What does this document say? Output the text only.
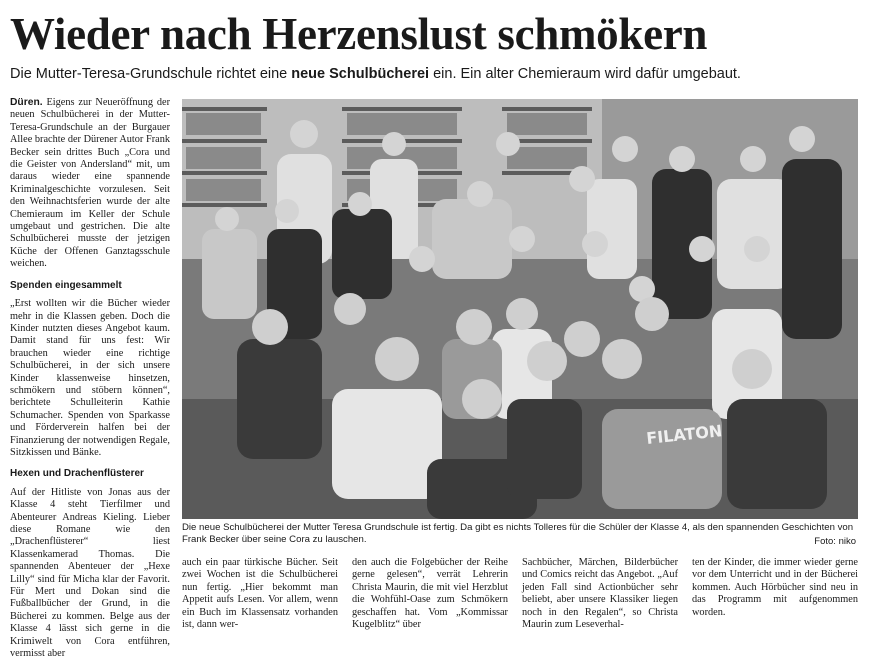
Wieder nach Herzenslust schmökern
Die Mutter-Teresa-Grundschule richtet eine neue Schulbücherei ein. Ein alter Chemieraum wird dafür umgebaut.

Düren. Eigens zur Neueröffnung der neuen Schulbücherei in der Mutter-Teresa-Grundschule an der Burgauer Allee brachte der Dürener Autor Frank Becker sein drittes Buch „Cora und die Geister von Andersland“ mit, um daraus wieder eine spannende Kriminalgeschichte vorzulesen. Seit den Weihnachtsferien wurde der alte Chemieraum im Keller der Schule umgebaut und gestrichen. Die alte Schulbücherei musste der jetzigen Küche der Offenen Ganztagsschule weichen.

Spenden eingesammelt

„Erst wollten wir die Bücher wieder mehr in die Klassen geben. Doch die Kinder nutzten dieses Angebot kaum. Damit stand für uns fest: Wir brauchen wieder eine richtige Schulbücherei, in der sich unsere Kinder klassenweise hinsetzen, schmökern und stöbern können“, berichtete Schulleiterin Kathie Schumacher. Spenden von Sparkasse und Förderverein halfen bei der Finanzierung der notwendigen Regale, Sitzkissen und Bänke.

Hexen und Drachenflüsterer

Auf der Hitliste von Jonas aus der Klasse 4 steht Tierfilmer und Abenteurer Andreas Kieling. Lieber diese Romane wie den „Drachenflüsterer“ liest Klassenkamerad Thomas. Die spannenden Abenteuer der „Hexe Lilly“ sind für Micha klar der Favorit. Für Mert und Dokan sind die Fußballbücher der Grund, in die Bücherei zu kommen. Belge aus der Klasse 4 lässt sich gerne in die Krimiwelt von Cora entführen, vermisst aber

FILATON
Die neue Schulbücherei der Mutter Teresa Grundschule ist fertig. Da gibt es nichts Tolleres für die Schüler der Klasse 4, als den spannenden Geschichten von Frank Becker über seine Cora zu lauschen.	Foto: niko
auch ein paar türkische Bücher. Seit zwei Wochen ist die Schulbücherei nun fertig. „Hier bekommt man Appetit aufs Lesen. Vor allem, wenn ein Buch im Klassensatz vorhanden ist, dann wer-
den auch die Folgebücher der Reihe gerne gelesen“, verrät Lehrerin Christa Maurin, die mit viel Herzblut die Wohfühl-Oase zum Schmökern geschaffen hat. Vom „Kommissar Kugelblitz“ über
Sachbücher, Märchen, Bilderbücher und Comics reicht das Angebot. „Auf jeden Fall sind Actionbücher sehr beliebt, aber unsere Klassiker liegen noch in den Regalen“, so Christa Maurin zum Leseverhal-
ten der Kinder, die immer wieder gerne vor dem Unterricht und in der Bücherei kommen. Auch Hörbücher sind neu in das Programm mit aufgenommen worden.
